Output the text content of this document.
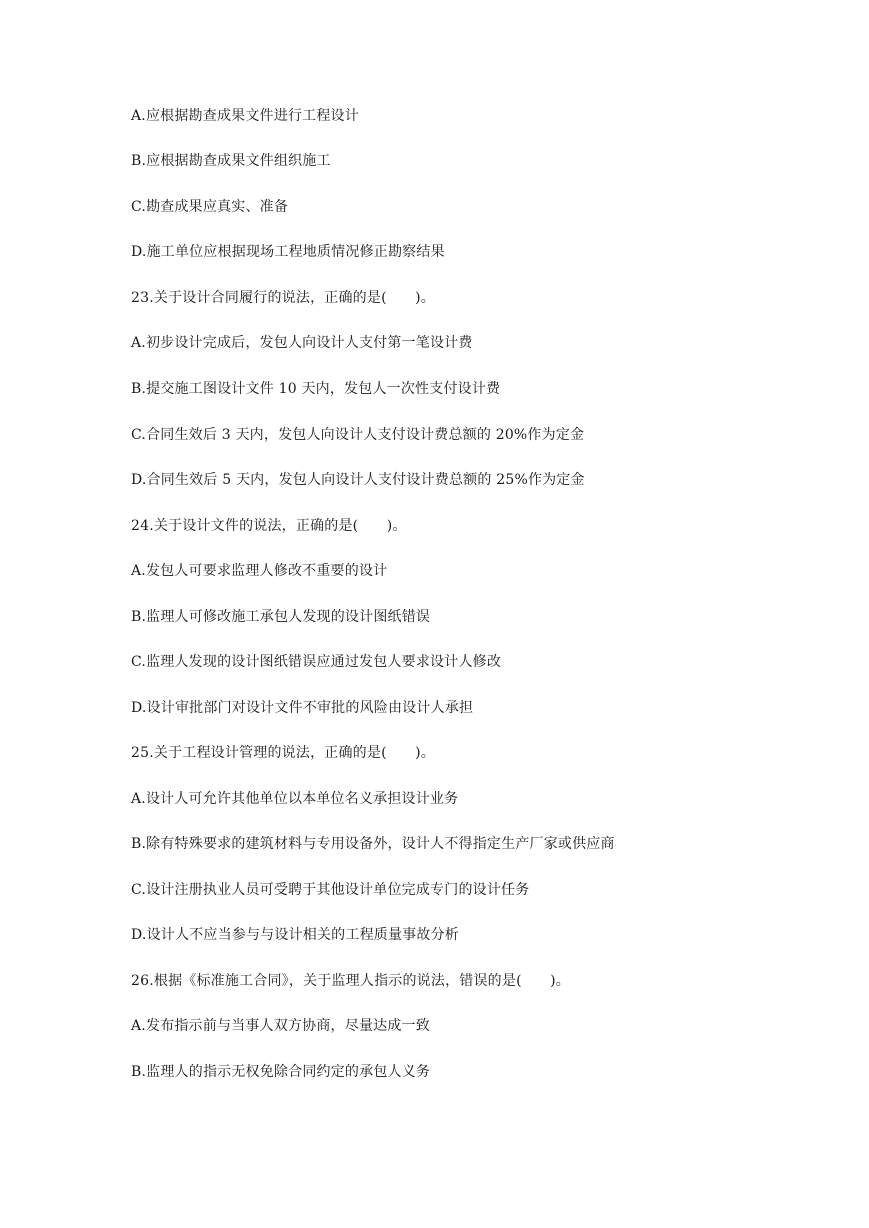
A.应根据勘查成果文件进行工程设计
B.应根据勘查成果文件组织施工
C.勘查成果应真实、准备
D.施工单位应根据现场工程地质情况修正勘察结果
23.关于设计合同履行的说法，正确的是(　　)。
A.初步设计完成后，发包人向设计人支付第一笔设计费
B.提交施工图设计文件 10 天内，发包人一次性支付设计费
C.合同生效后 3 天内，发包人向设计人支付设计费总额的 20%作为定金
D.合同生效后 5 天内，发包人向设计人支付设计费总额的 25%作为定金
24.关于设计文件的说法，正确的是(　　)。
A.发包人可要求监理人修改不重要的设计
B.监理人可修改施工承包人发现的设计图纸错误
C.监理人发现的设计图纸错误应通过发包人要求设计人修改
D.设计审批部门对设计文件不审批的风险由设计人承担
25.关于工程设计管理的说法，正确的是(　　)。
A.设计人可允许其他单位以本单位名义承担设计业务
B.除有特殊要求的建筑材料与专用设备外，设计人不得指定生产厂家或供应商
C.设计注册执业人员可受聘于其他设计单位完成专门的设计任务
D.设计人不应当参与与设计相关的工程质量事故分析
26.根据《标准施工合同》，关于监理人指示的说法，错误的是(　　)。
A.发布指示前与当事人双方协商，尽量达成一致
B.监理人的指示无权免除合同约定的承包人义务
